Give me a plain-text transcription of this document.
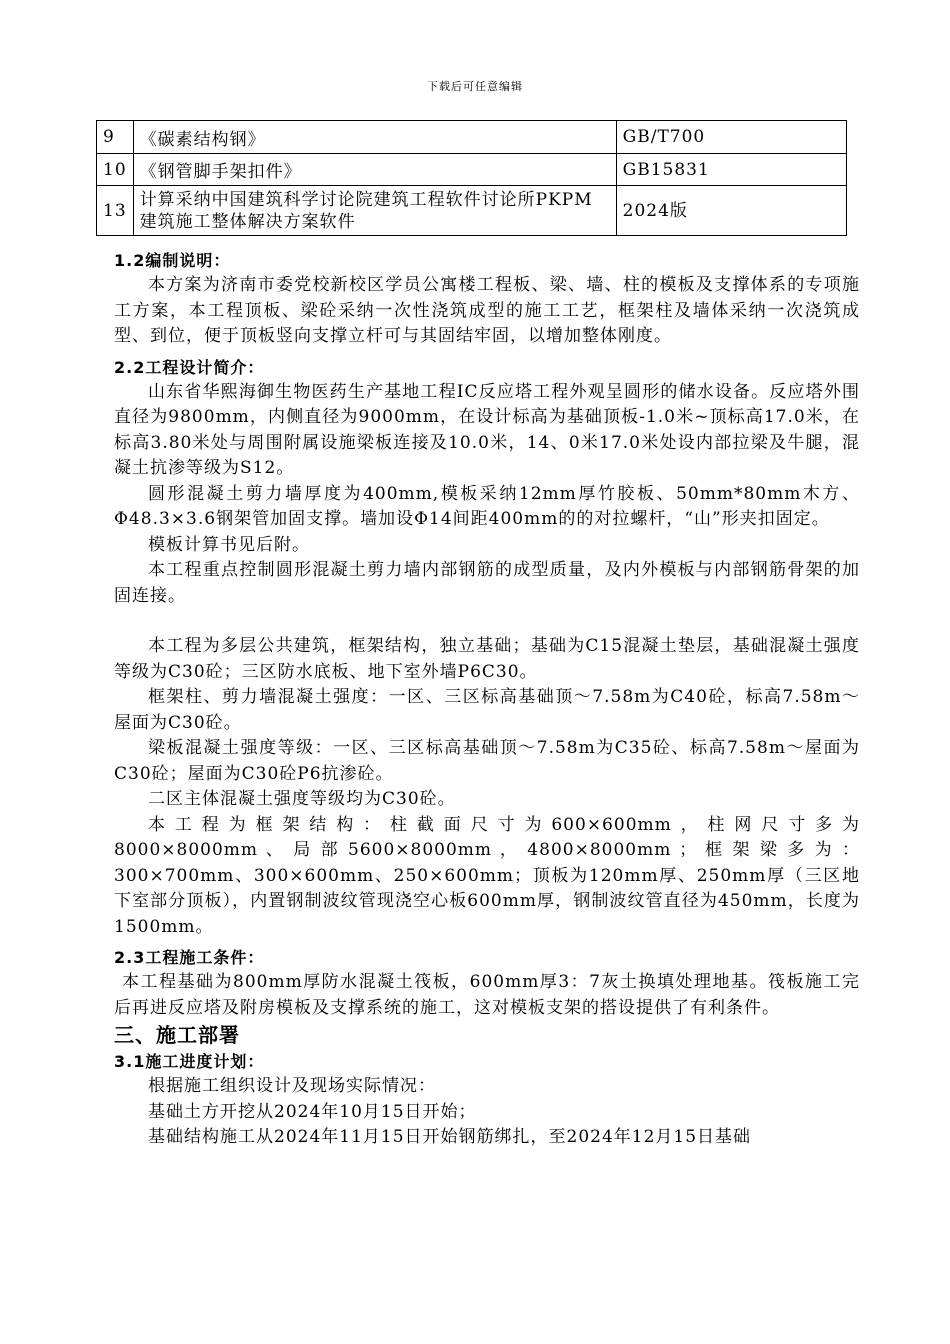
下载后可任意编辑
9	《碳素结构钢》	GB/T700
10	《钢管脚手架扣件》	GB15831
13	计算采纳中国建筑科学讨论院建筑工程软件讨论所PKPM建筑施工整体解决方案软件	2024版

1.2编制说明：

本方案为济南市委党校新校区学员公寓楼工程板、梁、墙、柱的模板及支撑体系的专项施工方案，本工程顶板、梁砼采纳一次性浇筑成型的施工工艺，框架柱及墙体采纳一次浇筑成型、到位，便于顶板竖向支撑立杆可与其固结牢固，以增加整体刚度。

2.2工程设计简介：

山东省华熙海御生物医药生产基地工程IC反应塔工程外观呈圆形的储水设备。反应塔外围直径为9800mm，内侧直径为9000mm，在设计标高为基础顶板-1.0米~顶标高17.0米，在标高3.80米处与周围附属设施梁板连接及10.0米，14、0米17.0米处设内部拉梁及牛腿，混凝土抗渗等级为S12。

圆形混凝土剪力墙厚度为400mm,模板采纳12mm厚竹胶板、50mm*80mm木方、Φ48.3×3.6钢架管加固支撑。墙加设Φ14间距400mm的的对拉螺杆，“山”形夹扣固定。

模板计算书见后附。

本工程重点控制圆形混凝土剪力墙内部钢筋的成型质量，及内外模板与内部钢筋骨架的加固连接。

本工程为多层公共建筑，框架结构，独立基础；基础为C15混凝土垫层，基础混凝土强度等级为C30砼；三区防水底板、地下室外墙P6C30。

框架柱、剪力墙混凝土强度：一区、三区标高基础顶～7.58m为C40砼，标高7.58m～屋面为C30砼。

梁板混凝土强度等级：一区、三区标高基础顶～7.58m为C35砼、标高7.58m～屋面为C30砼；屋面为C30砼P6抗渗砼。

二区主体混凝土强度等级均为C30砼。

本工程为框架结构：柱截面尺寸为600×600mm，柱网尺寸多为

8000×8000mm 、 局 部 5600×8000mm ， 4800×8000mm ； 框 架 梁 多 为 ：

300×700mm、300×600mm、250×600mm；顶板为120mm厚、250mm厚（三区地下室部分顶板），内置钢制波纹管现浇空心板600mm厚，钢制波纹管直径为450mm，长度为1500mm。

2.3工程施工条件：

本工程基础为800mm厚防水混凝土筏板，600mm厚3：7灰土换填处理地基。筏板施工完后再进反应塔及附房模板及支撑系统的施工，这对模板支架的搭设提供了有利条件。

三、施工部署

3.1施工进度计划：

根据施工组织设计及现场实际情况：

基础土方开挖从2024年10月15日开始；

基础结构施工从2024年11月15日开始钢筋绑扎，至2024年12月15日基础
